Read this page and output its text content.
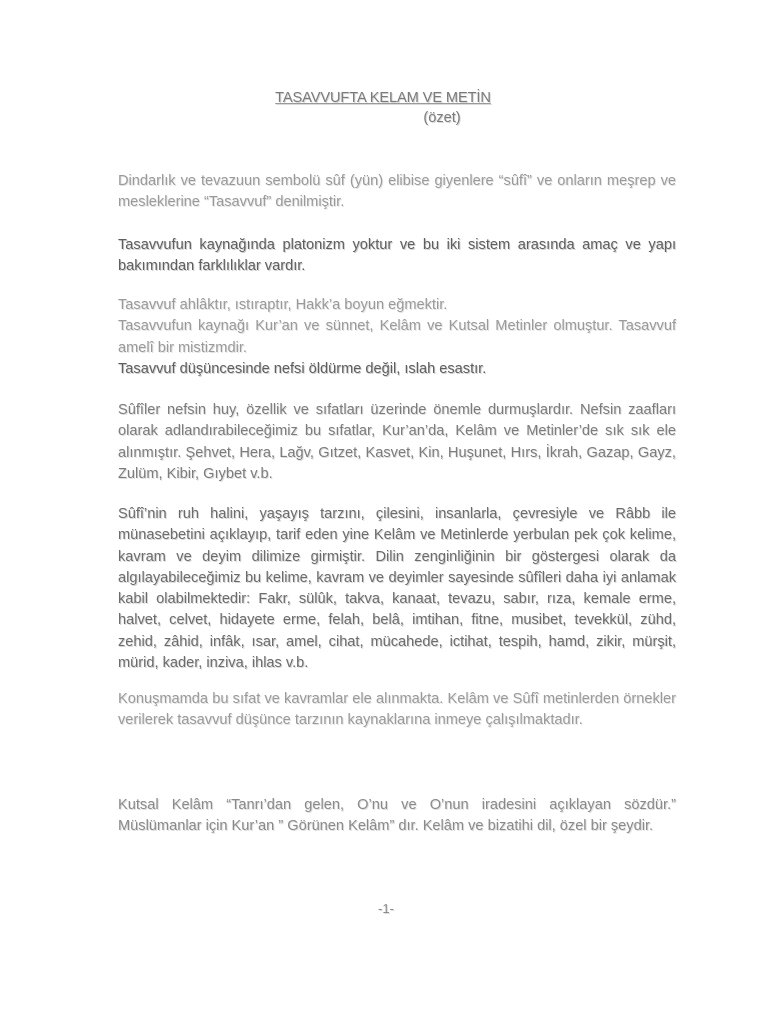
TASAVVUFTA KELAM VE METİN
(özet)

Dindarlık ve tevazuun sembolü sûf (yün) elibise giyenlere “sûfî” ve onların meşrep ve mesleklerine “Tasavvuf” denilmiştir.

Tasavvufun kaynağında platonizm yoktur ve bu iki sistem arasında amaç ve yapı bakımından farklılıklar vardır.

Tasavvuf ahlâktır, ıstıraptır, Hakk’a boyun eğmektir.
Tasavvufun kaynağı Kur’an ve sünnet, Kelâm ve Kutsal Metinler olmuştur. Tasavvuf amelî bir mistizmdir.
Tasavvuf düşüncesinde nefsi öldürme değil, ıslah esastır.

Sûfîler nefsin huy, özellik ve sıfatları üzerinde önemle durmuşlardır. Nefsin zaafları olarak adlandırabileceğimiz bu sıfatlar, Kur’an’da, Kelâm ve Metinler’de sık sık ele alınmıştır. Şehvet, Hera, Lağv, Gıtzet, Kasvet, Kin, Huşunet, Hırs, İkrah, Gazap, Gayz, Zulüm, Kibir, Gıybet v.b.

Sûfî’nin ruh halini, yaşayış tarzını, çilesini, insanlarla, çevresiyle ve Râbb ile münasebetini açıklayıp, tarif eden yine Kelâm ve Metinlerde yerbulan pek çok kelime, kavram ve deyim dilimize girmiştir. Dilin zenginliğinin bir göstergesi olarak da algılayabileceğimiz bu kelime, kavram ve deyimler sayesinde sûfîleri daha iyi anlamak kabil olabilmektedir: Fakr, sülûk, takva, kanaat, tevazu, sabır, rıza, kemale erme, halvet, celvet, hidayete erme, felah, belâ, imtihan, fitne, musibet, tevekkül, zühd, zehid, zâhid, infâk, ısar, amel, cihat, mücahede, ictihat, tespih, hamd, zikir, mürşit, mürid, kader, inziva, ihlas v.b.

Konuşmamda bu sıfat ve kavramlar ele alınmakta. Kelâm ve Sûfî metinlerden örnekler verilerek tasavvuf düşünce tarzının kaynaklarına inmeye çalışılmaktadır.

Kutsal Kelâm “Tanrı’dan gelen, O’nu ve O’nun iradesini açıklayan sözdür.” Müslümanlar için Kur’an ” Görünen Kelâm” dır. Kelâm ve bizatihi dil, özel bir şeydir.

-1-
